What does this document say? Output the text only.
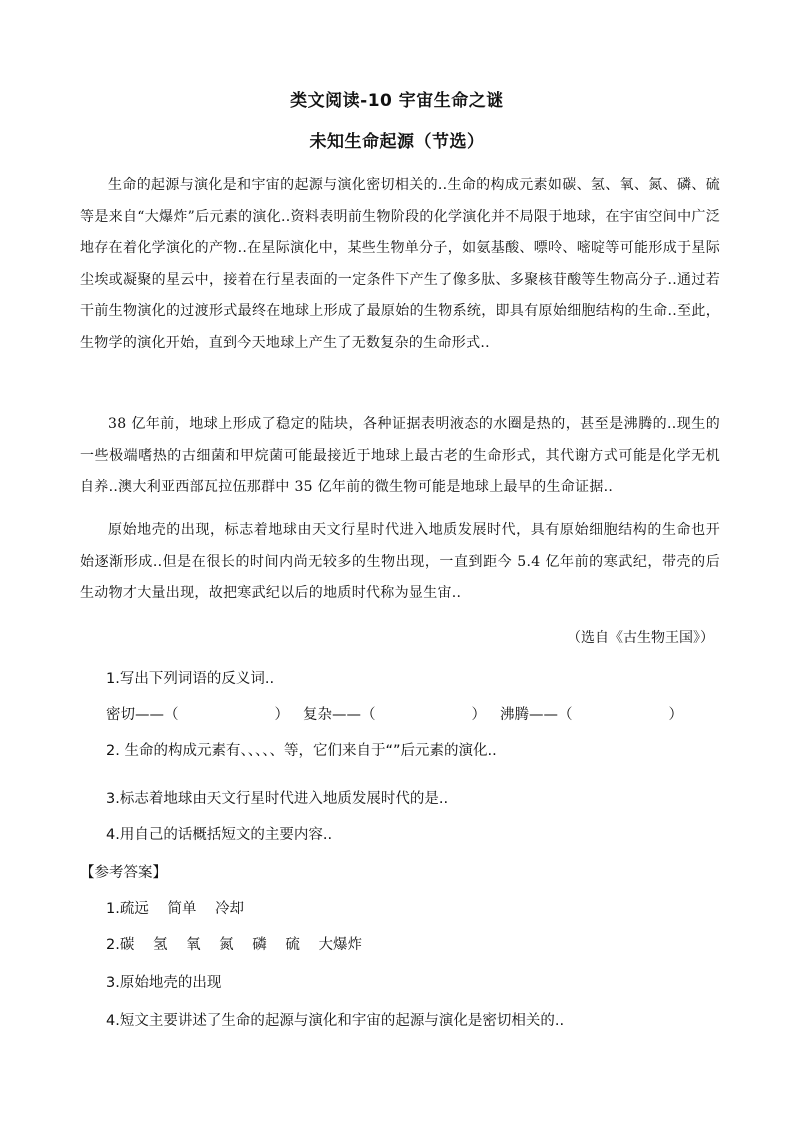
类文阅读-10 宇宙生命之谜
未知生命起源（节选）
生命的起源与演化是和宇宙的起源与演化密切相关的..生命的构成元素如碳、氢、氧、氮、磷、硫等是来自“大爆炸”后元素的演化..资料表明前生物阶段的化学演化并不局限于地球，在宇宙空间中广泛地存在着化学演化的产物..在星际演化中，某些生物单分子，如氨基酸、嘌呤、嘧啶等可能形成于星际尘埃或凝聚的星云中，接着在行星表面的一定条件下产生了像多肽、多聚核苷酸等生物高分子..通过若干前生物演化的过渡形式最终在地球上形成了最原始的生物系统，即具有原始细胞结构的生命..至此，生物学的演化开始，直到今天地球上产生了无数复杂的生命形式..
38 亿年前，地球上形成了稳定的陆块，各种证据表明液态的水圈是热的，甚至是沸腾的..现生的一些极端嗜热的古细菌和甲烷菌可能最接近于地球上最古老的生命形式，其代谢方式可能是化学无机自养..澳大利亚西部瓦拉伍那群中 35 亿年前的微生物可能是地球上最早的生命证据..
原始地壳的出现，标志着地球由天文行星时代进入地质发展时代，具有原始细胞结构的生命也开始逐渐形成..但是在很长的时间内尚无较多的生物出现，一直到距今 5.4 亿年前的寒武纪，带壳的后生动物才大量出现，故把寒武纪以后的地质时代称为显生宙..
（选自《古生物王国》）
1.写出下列词语的反义词..
密切——（	） 复杂——（	） 沸腾——（	）
2. 生命的构成元素有、、、、、等，它们来自于“”后元素的演化..
3.标志着地球由天文行星时代进入地质发展时代的是..
4.用自己的话概括短文的主要内容..
【参考答案】
1.疏远 简单 冷却
2.碳 氢 氧 氮 磷 硫 大爆炸
3.原始地壳的出现
4.短文主要讲述了生命的起源与演化和宇宙的起源与演化是密切相关的..
